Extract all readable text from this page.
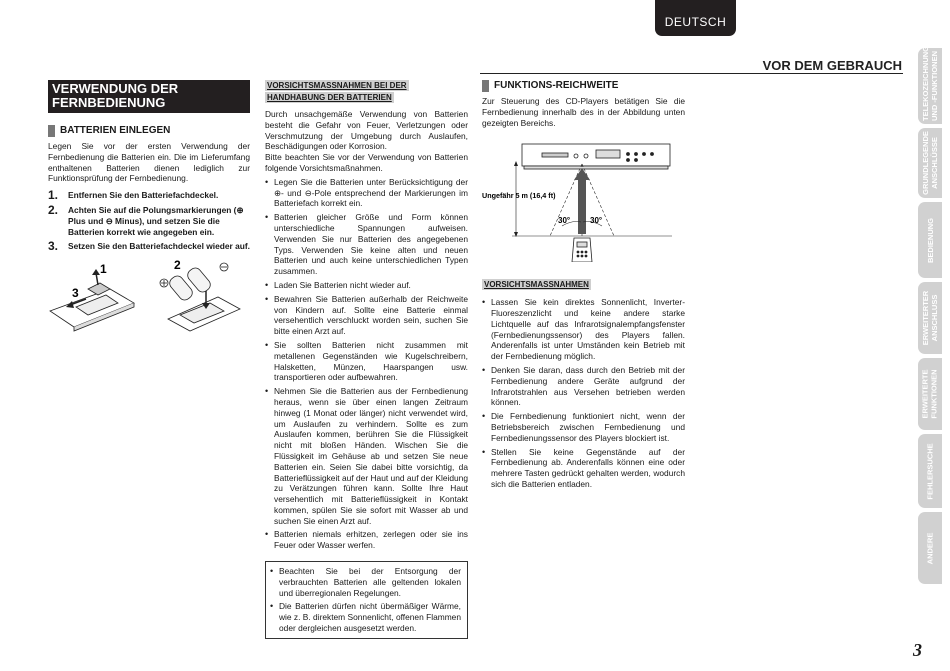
DEUTSCH
VOR DEM GEBRAUCH	TELEKOZEICHNUNGEN UND -FUNKTIONEN
GRUNDLEGENDE ANSCHLÜSSE
BEDIENUNG
ERWEITERTER ANSCHLUSS
ERWEITERTE FUNKTIONEN
FEHLERSUCHE
ANDERE
VERWENDUNG DER FERNBEDIENUNG
BATTERIEN EINLEGEN

Legen Sie vor der ersten Verwendung der Fernbedienung die Batterien ein. Die im Lieferumfang enthaltenen Batterien dienen lediglich zur Funktionsprüfung der Fernbedienung.

1.	Entfernen Sie den Batteriefachdeckel.
2.	Achten Sie auf die Polungsmarkierungen (⊕ Plus und ⊖ Minus), und setzen Sie die Batterien korrekt wie angegeben ein.
3.	Setzen Sie den Batteriefachdeckel wieder auf.
1
3
2
VORSICHTSMASSNAHMEN BEI DER
HANDHABUNG DER BATTERIEN

Durch unsachgemäße Verwendung von Batterien besteht die Gefahr von Feuer, Verletzungen oder Verschmutzung der Umgebung durch Auslaufen, Beschädigungen oder Korrosion.

Bitte beachten Sie vor der Verwendung von Batterien folgende Vorsichtsmaßnahmen.

• Legen Sie die Batterien unter Berücksichtigung der ⊕- und ⊖-Pole entsprechend der Markierungen im Batteriefach korrekt ein.
• Batterien gleicher Größe und Form können unterschiedliche Spannungen aufweisen. Verwenden Sie nur Batterien des angegebenen Typs. Verwenden Sie keine alten und neuen Batterien und auch keine unterschiedlichen Typen zusammen.
• Laden Sie Batterien nicht wieder auf.
• Bewahren Sie Batterien außerhalb der Reichweite von Kindern auf. Sollte eine Batterie einmal versehentlich verschluckt worden sein, suchen Sie bitte einen Arzt auf.
• Sie sollten Batterien nicht zusammen mit metallenen Gegenständen wie Kugelschreibern, Halsketten, Münzen, Haarspangen usw. transportieren oder aufbewahren.
• Nehmen Sie die Batterien aus der Fernbedienung heraus, wenn sie über einen langen Zeitraum hinweg (1 Monat oder länger) nicht verwendet wird, um Auslaufen zu verhindern. Sollte es zum Auslaufen kommen, berühren Sie die Flüssigkeit nicht mit bloßen Händen. Wischen Sie die Flüssigkeit im Gehäuse ab und setzen Sie neue Batterien ein. Seien Sie dabei bitte vorsichtig, da Batterieflüssigkeit auf der Haut und auf der Kleidung zu Verätzungen führen kann. Sollte Ihre Haut versehentlich mit Batterieflüssigkeit in Kontakt kommen, spülen Sie sie sofort mit Wasser ab und suchen Sie einen Arzt auf.
• Batterien niemals erhitzen, zerlegen oder sie ins Feuer oder Wasser werfen.
• Beachten Sie bei der Entsorgung der verbrauchten Batterien alle geltenden lokalen und überregionalen Regelungen.
• Die Batterien dürfen nicht übermäßiger Wärme, wie z. B. direktem Sonnenlicht, offenen Flammen oder dergleichen ausgesetzt werden.
FUNKTIONS-REICHWEITE

Zur Steuerung des CD-Players betätigen Sie die Fernbedienung innerhalb des in der Abbildung unten gezeigten Bereichs.

Ungefähr 5 m (16,4 ft)
30° 30°
VORSICHTSMASSNAHMEN
• Lassen Sie kein direktes Sonnenlicht, Inverter-Fluoreszenzlicht und keine andere starke Lichtquelle auf das Infrarotsignalempfangsfenster (Fernbedienungssensor) des Players fallen. Anderenfalls ist unter Umständen kein Betrieb mit der Fernbedienung möglich.
• Denken Sie daran, dass durch den Betrieb mit der Fernbedienung andere Geräte aufgrund der Infrarotstrahlen aus Versehen betrieben werden können.
• Die Fernbedienung funktioniert nicht, wenn der Betriebsbereich zwischen Fernbedienung und Fernbedienungssensor des Players blockiert ist.
• Stellen Sie keine Gegenstände auf der Fernbedienung ab. Anderenfalls können eine oder mehrere Tasten gedrückt gehalten werden, wodurch sich die Batterien entladen.
3
